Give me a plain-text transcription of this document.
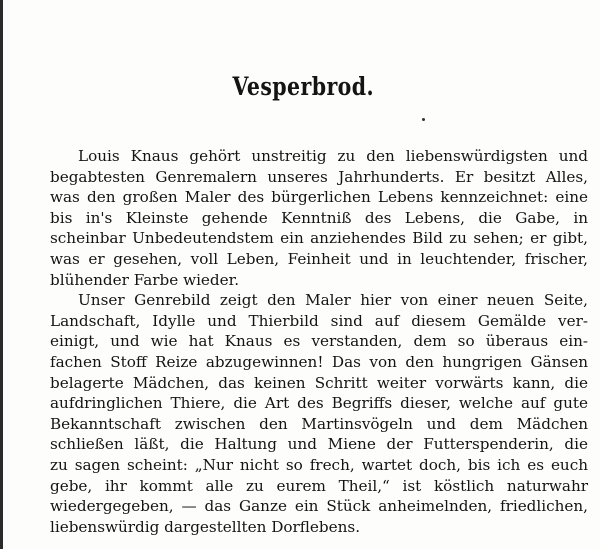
Vesperbrod.

Louis Knaus gehört unstreitig zu den liebenswürdigsten und
begabtesten Genremalern unseres Jahrhunderts. Er besitzt Alles,
was den großen Maler des bürgerlichen Lebens kennzeichnet: eine
bis in's Kleinste gehende Kenntniß des Lebens, die Gabe, in
scheinbar Unbedeutendstem ein anziehendes Bild zu sehen; er gibt,
was er gesehen, voll Leben, Feinheit und in leuchtender, frischer,
blühender Farbe wieder.

Unser Genrebild zeigt den Maler hier von einer neuen Seite,
Landschaft, Idylle und Thierbild sind auf diesem Gemälde ver-
einigt, und wie hat Knaus es verstanden, dem so überaus ein-
fachen Stoff Reize abzugewinnen! Das von den hungrigen Gänsen
belagerte Mädchen, das keinen Schritt weiter vorwärts kann, die
aufdringlichen Thiere, die Art des Begriffs dieser, welche auf gute
Bekanntschaft zwischen den Martinsvögeln und dem Mädchen
schließen läßt, die Haltung und Miene der Futterspenderin, die
zu sagen scheint: „Nur nicht so frech, wartet doch, bis ich es euch
gebe, ihr kommt alle zu eurem Theil,“ ist köstlich naturwahr
wiedergegeben, — das Ganze ein Stück anheimelnden, friedlichen,
liebenswürdig dargestellten Dorflebens.
